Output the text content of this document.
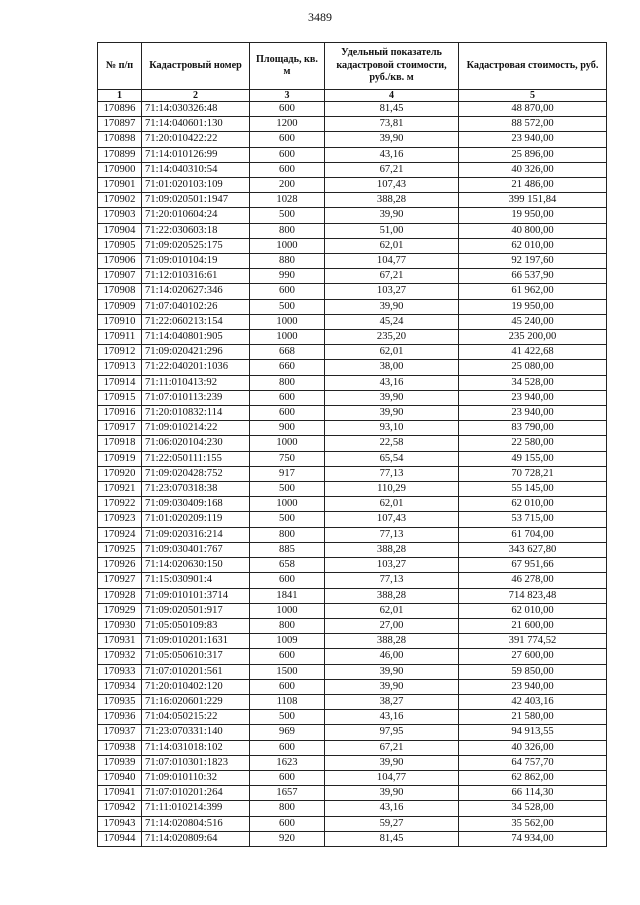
3489
№ п/п	Кадастровый номер	Площадь, кв. м	Удельный показатель кадастровой стоимости, руб./кв. м	Кадастровая стоимость, руб.
1	2	3	4	5
170896	71:14:030326:48	600	81,45	48 870,00
170897	71:14:040601:130	1200	73,81	88 572,00
170898	71:20:010422:22	600	39,90	23 940,00
170899	71:14:010126:99	600	43,16	25 896,00
170900	71:14:040310:54	600	67,21	40 326,00
170901	71:01:020103:109	200	107,43	21 486,00
170902	71:09:020501:1947	1028	388,28	399 151,84
170903	71:20:010604:24	500	39,90	19 950,00
170904	71:22:030603:18	800	51,00	40 800,00
170905	71:09:020525:175	1000	62,01	62 010,00
170906	71:09:010104:19	880	104,77	92 197,60
170907	71:12:010316:61	990	67,21	66 537,90
170908	71:14:020627:346	600	103,27	61 962,00
170909	71:07:040102:26	500	39,90	19 950,00
170910	71:22:060213:154	1000	45,24	45 240,00
170911	71:14:040801:905	1000	235,20	235 200,00
170912	71:09:020421:296	668	62,01	41 422,68
170913	71:22:040201:1036	660	38,00	25 080,00
170914	71:11:010413:92	800	43,16	34 528,00
170915	71:07:010113:239	600	39,90	23 940,00
170916	71:20:010832:114	600	39,90	23 940,00
170917	71:09:010214:22	900	93,10	83 790,00
170918	71:06:020104:230	1000	22,58	22 580,00
170919	71:22:050111:155	750	65,54	49 155,00
170920	71:09:020428:752	917	77,13	70 728,21
170921	71:23:070318:38	500	110,29	55 145,00
170922	71:09:030409:168	1000	62,01	62 010,00
170923	71:01:020209:119	500	107,43	53 715,00
170924	71:09:020316:214	800	77,13	61 704,00
170925	71:09:030401:767	885	388,28	343 627,80
170926	71:14:020630:150	658	103,27	67 951,66
170927	71:15:030901:4	600	77,13	46 278,00
170928	71:09:010101:3714	1841	388,28	714 823,48
170929	71:09:020501:917	1000	62,01	62 010,00
170930	71:05:050109:83	800	27,00	21 600,00
170931	71:09:010201:1631	1009	388,28	391 774,52
170932	71:05:050610:317	600	46,00	27 600,00
170933	71:07:010201:561	1500	39,90	59 850,00
170934	71:20:010402:120	600	39,90	23 940,00
170935	71:16:020601:229	1108	38,27	42 403,16
170936	71:04:050215:22	500	43,16	21 580,00
170937	71:23:070331:140	969	97,95	94 913,55
170938	71:14:031018:102	600	67,21	40 326,00
170939	71:07:010301:1823	1623	39,90	64 757,70
170940	71:09:010110:32	600	104,77	62 862,00
170941	71:07:010201:264	1657	39,90	66 114,30
170942	71:11:010214:399	800	43,16	34 528,00
170943	71:14:020804:516	600	59,27	35 562,00
170944	71:14:020809:64	920	81,45	74 934,00
